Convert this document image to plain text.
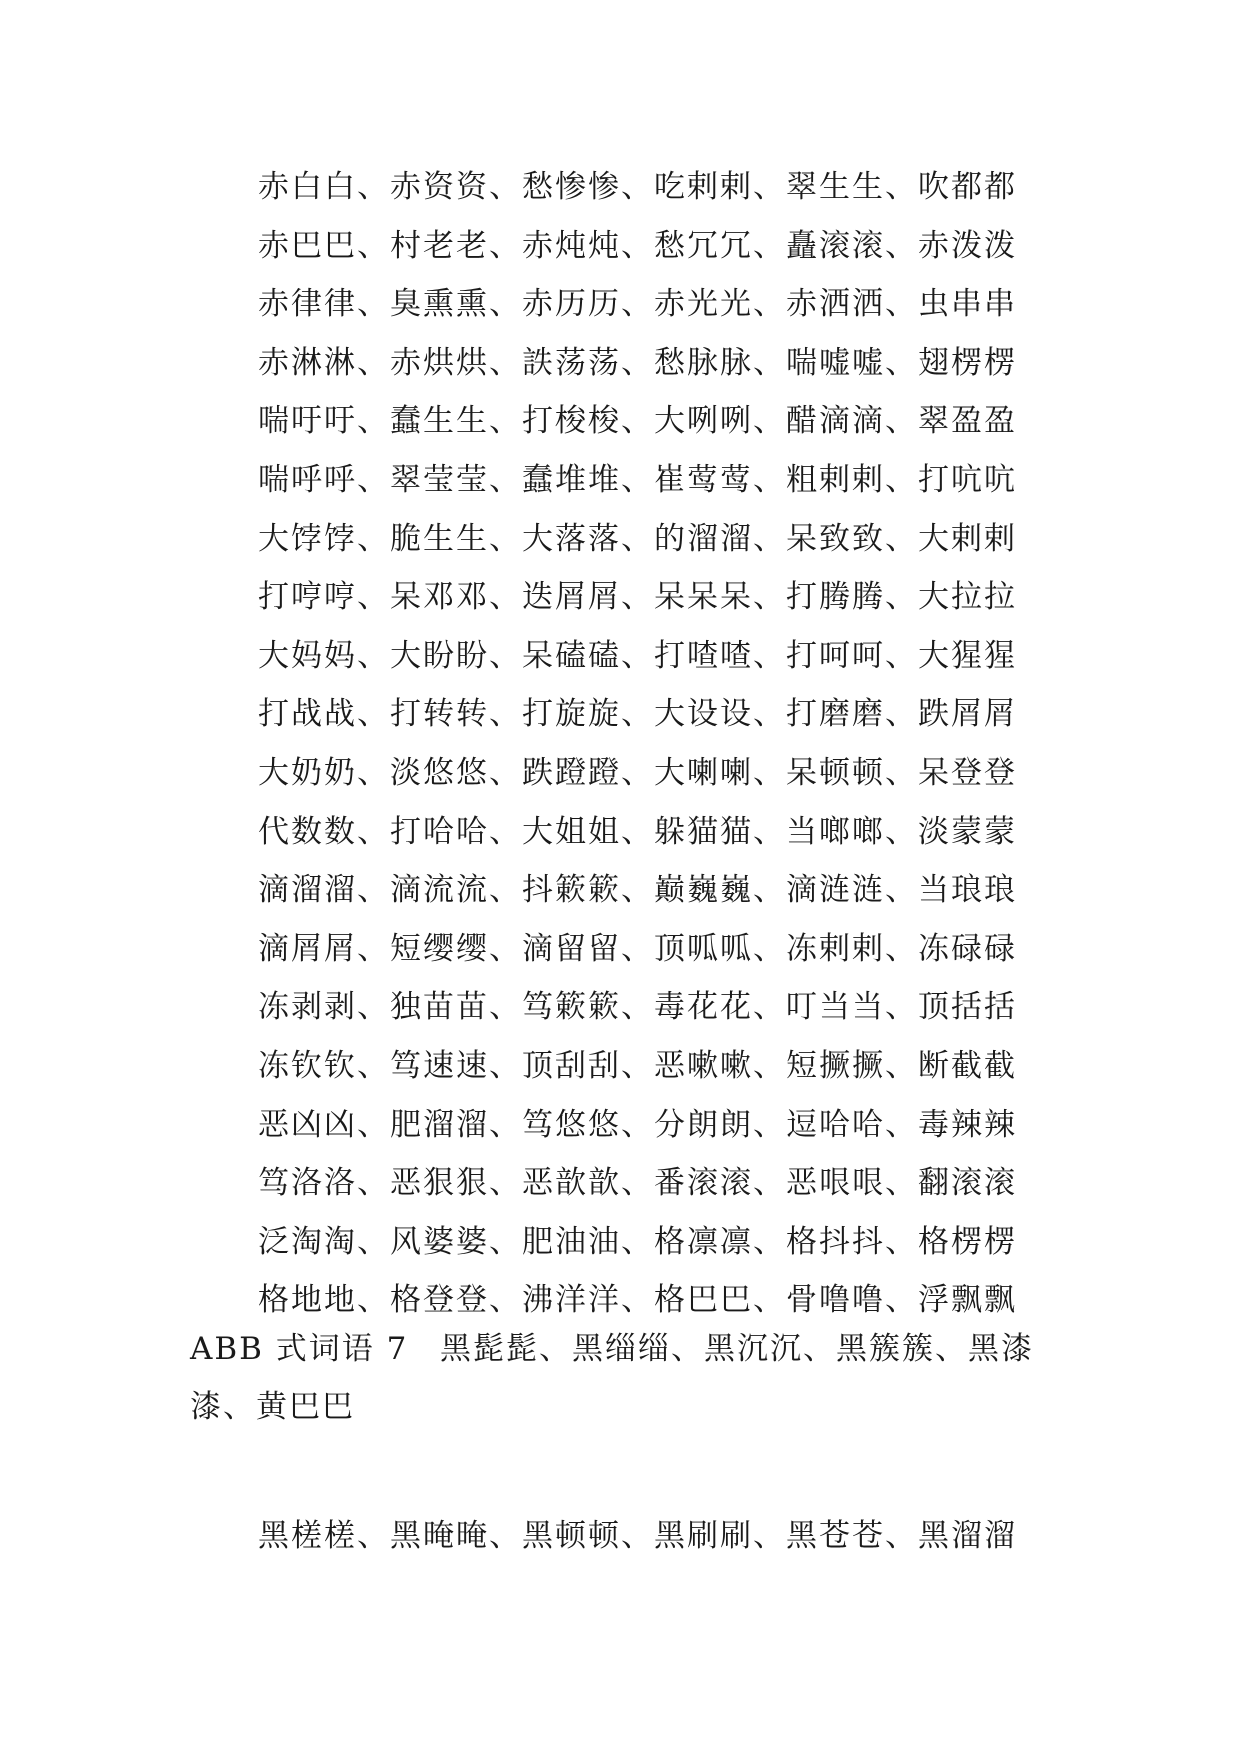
赤白白、赤资资、愁惨惨、吃剌剌、翠生生、吹都都
赤巴巴、村老老、赤炖炖、愁冗冗、矗滚滚、赤泼泼
赤律律、臭熏熏、赤历历、赤光光、赤洒洒、虫串串
赤淋淋、赤烘烘、詄荡荡、愁脉脉、喘嘘嘘、翅楞楞
喘吁吁、蠢生生、打梭梭、大咧咧、醋滴滴、翠盈盈
喘呼呼、翠莹莹、蠢堆堆、崔莺莺、粗剌剌、打吭吭
大饽饽、脆生生、大落落、的溜溜、呆致致、大剌剌
打哼哼、呆邓邓、迭屑屑、呆呆呆、打腾腾、大拉拉
大妈妈、大盼盼、呆磕磕、打喳喳、打呵呵、大猩猩
打战战、打转转、打旋旋、大设设、打磨磨、跌屑屑
大奶奶、淡悠悠、跌蹬蹬、大喇喇、呆顿顿、呆登登
代数数、打哈哈、大姐姐、躲猫猫、当啷啷、淡蒙蒙
滴溜溜、滴流流、抖簌簌、巅巍巍、滴涟涟、当琅琅
滴屑屑、短缨缨、滴留留、顶呱呱、冻剌剌、冻碌碌
冻剥剥、独苗苗、笃簌簌、毒花花、叮当当、顶括括
冻钦钦、笃速速、顶刮刮、恶嗽嗽、短撅撅、断截截
恶凶凶、肥溜溜、笃悠悠、分朗朗、逗哈哈、毒辣辣
笃洛洛、恶狠狠、恶歆歆、番滚滚、恶哏哏、翻滚滚
泛淘淘、风婆婆、肥油油、格凛凛、格抖抖、格楞楞
格地地、格登登、沸洋洋、格巴巴、骨噜噜、浮飘飘
ABB 式词语 7 黑髭髭、黑缁缁、黑沉沉、黑簇簇、黑漆
漆、黄巴巴
黑槎槎、黑晻晻、黑顿顿、黑刷刷、黑苍苍、黑溜溜
